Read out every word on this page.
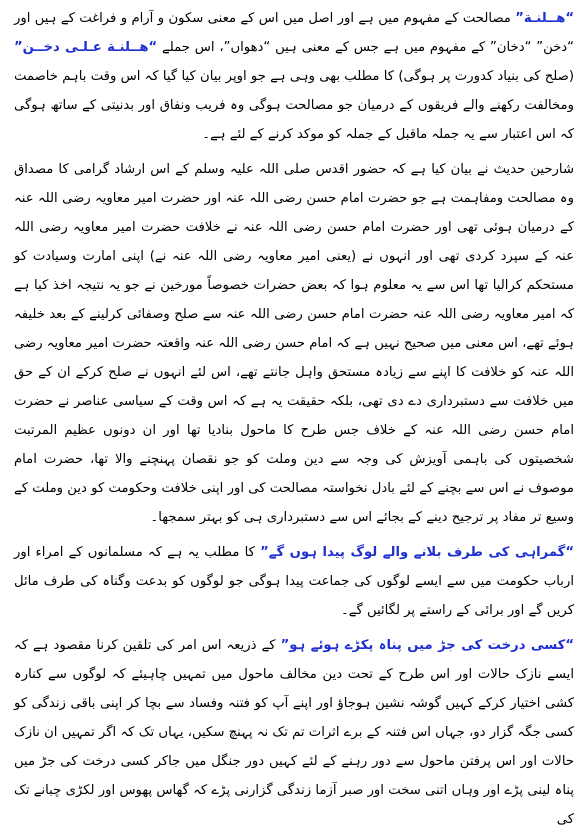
“هــلنـة” مصالحت کے مفہوم میں ہے اور اصل میں اس کے معنی سکون و آرام و فراغت کے ہیں اور “دخن” “دخان” کے مفہوم میں ہے جس کے معنی ہیں “دھواں”، اس جملے “هــلنـة عـلـی دخــن” (صلح کی بنیاد کدورت پر ہوگی) کا مطلب بھی وہی ہے جو اوپر بیان کیا گیا کہ اس وقت باہم خاصمت ومخالفت رکھنے والے فریقوں کے درمیان جو مصالحت ہوگی وہ فریب ونفاق اور بدنیتی کے ساتھ ہوگی کہ اس اعتبار سے یہ جملہ ماقبل کے جملہ کو موکد کرنے کے لئے ہے۔

شارحین حدیث نے بیان کیا ہے کہ حضور اقدس صلی اللہ علیہ وسلم کے اس ارشاد گرامی کا مصداق وہ مصالحت ومفاہمت ہے جو حضرت امام حسن رضی اللہ عنہ اور حضرت امیر معاویہ رضی اللہ عنہ کے درمیان ہوئی تھی اور حضرت امام حسن رضی اللہ عنہ نے خلافت حضرت امیر معاویہ رضی اللہ عنہ کے سپرد کردی تھی اور انہوں نے (یعنی امیر معاویہ رضی اللہ عنہ نے) اپنی امارت وسیادت کو مستحکم کرالیا تھا اس سے یہ معلوم ہوا کہ بعض حضرات خصوصاً مورخین نے جو یہ نتیجہ اخذ کیا ہے کہ امیر معاویہ رضی اللہ عنہ حضرت امام حسن رضی اللہ عنہ سے صلح وصفائی کرلینے کے بعد خلیفہ ہوئے تھے، اس معنی میں صحیح نہیں ہے کہ امام حسن رضی اللہ عنہ واقعتہ حضرت امیر معاویہ رضی اللہ عنہ کو خلافت کا اپنے سے زیادہ مستحق واہل جانتے تھے، اس لئے انہوں نے صلح کرکے ان کے حق میں خلافت سے دستبرداری دے دی تھی، بلکہ حقیقت یہ ہے کہ اس وقت کے سیاسی عناصر نے حضرت امام حسن رضی اللہ عنہ کے خلاف جس طرح کا ماحول بنادیا تھا اور ان دونوں عظیم المرتبت شخصیتوں کی باہمی آویزش کی وجہ سے دین وملت کو جو نقصان پہنچنے والا تھا، حضرت امام موصوف نے اس سے بچنے کے لئے بادل نخواستہ مصالحت کی اور اپنی خلافت وحکومت کو دین وملت کے وسیع تر مفاد پر ترجیح دینے کے بجائے اس سے دستبرداری ہی کو بہتر سمجھا۔

“گمراہی کی طرف بلانے والے لوگ پیدا ہوں گے” کا مطلب یہ ہے کہ مسلمانوں کے امراء اور ارباب حکومت میں سے ایسے لوگوں کی جماعت پیدا ہوگی جو لوگوں کو بدعت وگناہ کی طرف مائل کریں گے اور برائی کے راستے پر لگائیں گے۔

“کسی درخت کی جڑ میں پناہ پکڑے ہوئے ہو” کے ذریعہ اس امر کی تلقین کرنا مقصود ہے کہ ایسے نازک حالات اور اس طرح کے تحت دین مخالف ماحول میں تمہیں چاہیئے کہ لوگوں سے کنارہ کشی اختیار کرکے کہیں گوشہ نشین ہوجاؤ اور اپنے آپ کو فتنہ وفساد سے بچا کر اپنی باقی زندگی کو کسی جگہ گزار دو، جہاں اس فتنہ کے برے اثرات تم تک نہ پہنچ سکیں، یہاں تک کہ اگر تمہیں ان نازک حالات اور اس پرفتن ماحول سے دور رہنے کے لئے کہیں دور جنگل میں جاکر کسی درخت کی جڑ میں پناہ لینی پڑے اور وہاں اتنی سخت اور صبر آزما زندگی گزارنی پڑے کہ گھاس پھوس اور لکڑی چبانے تک کی
